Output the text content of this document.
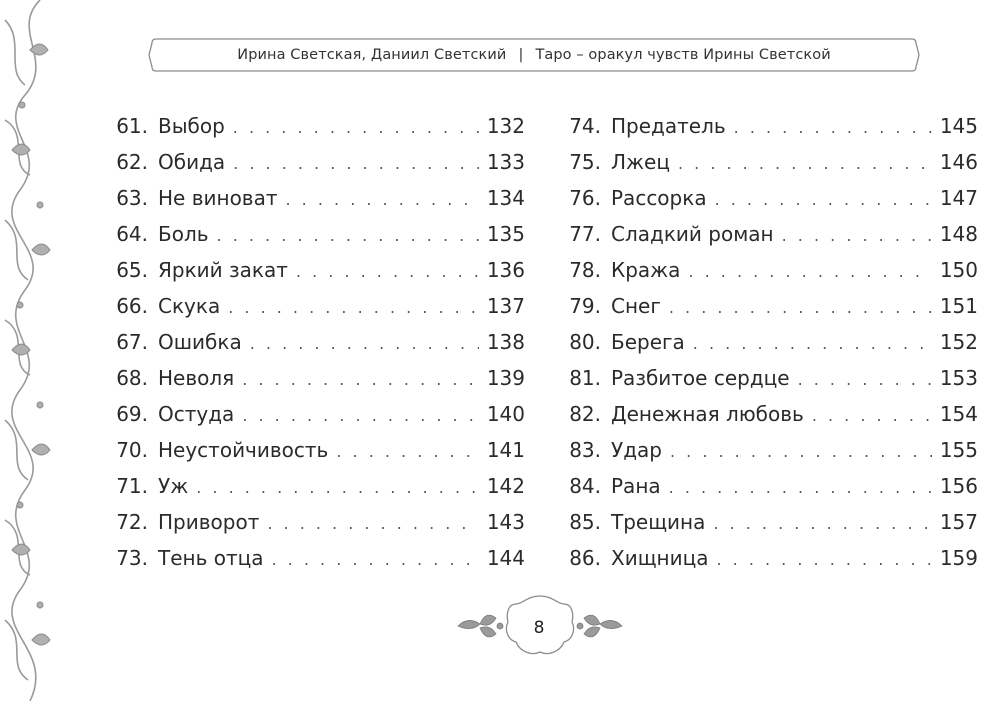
Ирина Светская, Даниил Светский | Таро – оракул чувств Ирины Светской
61. Выбор . . .	132
62. Обида . . .	133
63. Не виноват . . .	134
64. Боль . . .	135
65. Яркий закат . . .	136
66. Скука . . .	137
67. Ошибка . . .	138
68. Неволя . . .	139
69. Остуда . . .	140
70. Неустойчивость . . .	141
71. Уж . . .	142
72. Приворот . . .	143
73. Тень отца . . .	144
74. Предатель . . .	145
75. Лжец . . .	146
76. Рассорка . . .	147
77. Сладкий роман . . .	148
78. Кража . . .	150
79. Снег . . .	151
80. Берега . . .	152
81. Разбитое сердце . . .	153
82. Денежная любовь . . .	154
83. Удар . . .	155
84. Рана . . .	156
85. Трещина . . .	157
86. Хищница . . .	159
8
